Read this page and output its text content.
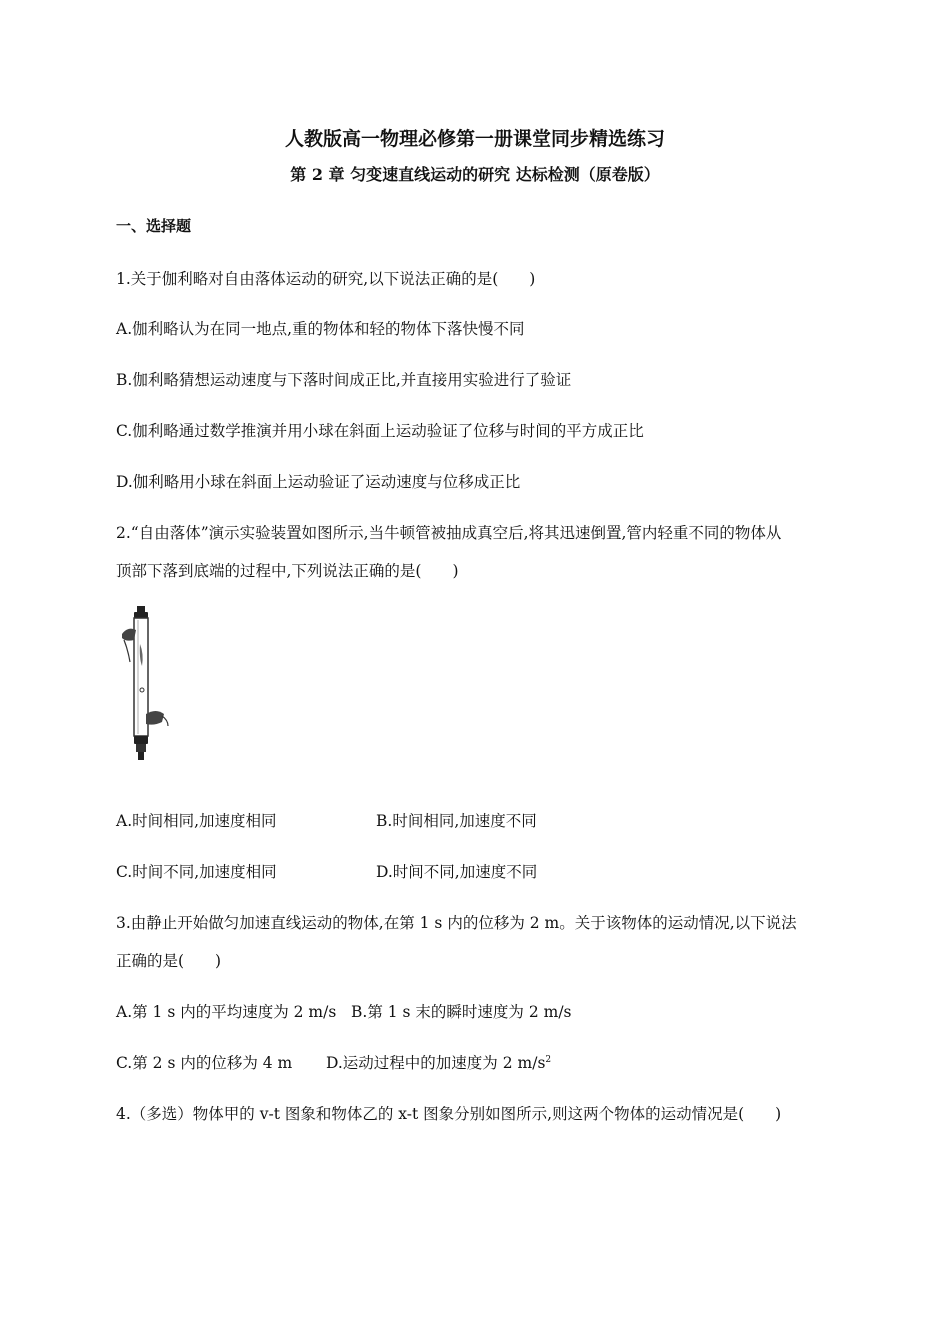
人教版高一物理必修第一册课堂同步精选练习
第 2 章 匀变速直线运动的研究 达标检测（原卷版）
一、选择题
1.关于伽利略对自由落体运动的研究,以下说法正确的是(　　)
A.伽利略认为在同一地点,重的物体和轻的物体下落快慢不同
B.伽利略猜想运动速度与下落时间成正比,并直接用实验进行了验证
C.伽利略通过数学推演并用小球在斜面上运动验证了位移与时间的平方成正比
D.伽利略用小球在斜面上运动验证了运动速度与位移成正比
2.“自由落体”演示实验装置如图所示,当牛顿管被抽成真空后,将其迅速倒置,管内轻重不同的物体从
顶部下落到底端的过程中,下列说法正确的是(　　)
A.时间相同,加速度相同	B.时间相同,加速度不同
C.时间不同,加速度相同	D.时间不同,加速度不同
3.由静止开始做匀加速直线运动的物体,在第 1 s 内的位移为 2 m。关于该物体的运动情况,以下说法
正确的是(　　)
A.第 1 s 内的平均速度为 2 m/s B.第 1 s 末的瞬时速度为 2 m/s
C.第 2 s 内的位移为 4 m D.运动过程中的加速度为 2 $m/s^2$
4.（多选）物体甲的 v-t 图象和物体乙的 x-t 图象分别如图所示,则这两个物体的运动情况是(　　)
